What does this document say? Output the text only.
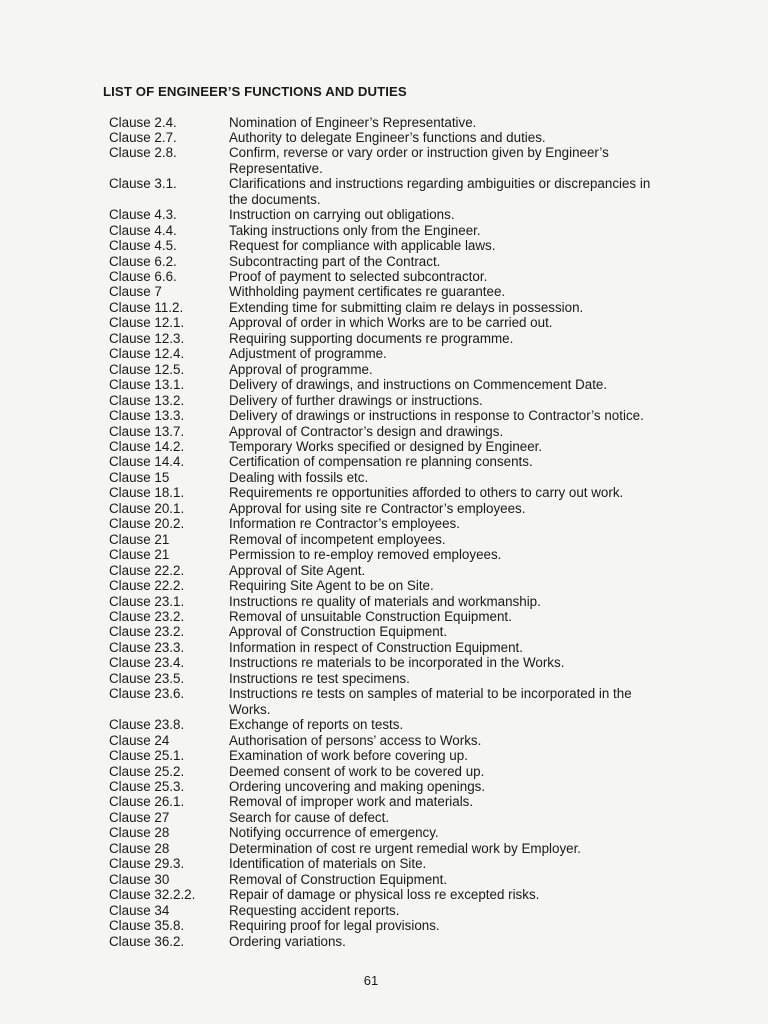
LIST OF ENGINEER’S FUNCTIONS AND DUTIES
Clause 2.4.	Nomination of Engineer’s Representative.
Clause 2.7.	Authority to delegate Engineer’s functions and duties.
Clause 2.8.	Confirm, reverse or vary order or instruction given by Engineer’s
Representative.
Clause 3.1.	Clarifications and instructions regarding ambiguities or discrepancies in
the documents.
Clause 4.3.	Instruction on carrying out obligations.
Clause 4.4.	Taking instructions only from the Engineer.
Clause 4.5.	Request for compliance with applicable laws.
Clause 6.2.	Subcontracting part of the Contract.
Clause 6.6.	Proof of payment to selected subcontractor.
Clause 7	Withholding payment certificates re guarantee.
Clause 11.2.	Extending time for submitting claim re delays in possession.
Clause 12.1.	Approval of order in which Works are to be carried out.
Clause 12.3.	Requiring supporting documents re programme.
Clause 12.4.	Adjustment of programme.
Clause 12.5.	Approval of programme.
Clause 13.1.	Delivery of drawings, and instructions on Commencement Date.
Clause 13.2.	Delivery of further drawings or instructions.
Clause 13.3.	Delivery of drawings or instructions in response to Contractor’s notice.
Clause 13.7.	Approval of Contractor’s design and drawings.
Clause 14.2.	Temporary Works specified or designed by Engineer.
Clause 14.4.	Certification of compensation re planning consents.
Clause 15	Dealing with fossils etc.
Clause 18.1.	Requirements re opportunities afforded to others to carry out work.
Clause 20.1.	Approval for using site re Contractor’s employees.
Clause 20.2.	Information re Contractor’s employees.
Clause 21	Removal of incompetent employees.
Clause 21	Permission to re-employ removed employees.
Clause 22.2.	Approval of Site Agent.
Clause 22.2.	Requiring Site Agent to be on Site.
Clause 23.1.	Instructions re quality of materials and workmanship.
Clause 23.2.	Removal of unsuitable Construction Equipment.
Clause 23.2.	Approval of Construction Equipment.
Clause 23.3.	Information in respect of Construction Equipment.
Clause 23.4.	Instructions re materials to be incorporated in the Works.
Clause 23.5.	Instructions re test specimens.
Clause 23.6.	Instructions re tests on samples of material to be incorporated in the
Works.
Clause 23.8.	Exchange of reports on tests.
Clause 24	Authorisation of persons’ access to Works.
Clause 25.1.	Examination of work before covering up.
Clause 25.2.	Deemed consent of work to be covered up.
Clause 25.3.	Ordering uncovering and making openings.
Clause 26.1.	Removal of improper work and materials.
Clause 27	Search for cause of defect.
Clause 28	Notifying occurrence of emergency.
Clause 28	Determination of cost re urgent remedial work by Employer.
Clause 29.3.	Identification of materials on Site.
Clause 30	Removal of Construction Equipment.
Clause 32.2.2.	Repair of damage or physical loss re excepted risks.
Clause 34	Requesting accident reports.
Clause 35.8.	Requiring proof for legal provisions.
Clause 36.2.	Ordering variations.
61
